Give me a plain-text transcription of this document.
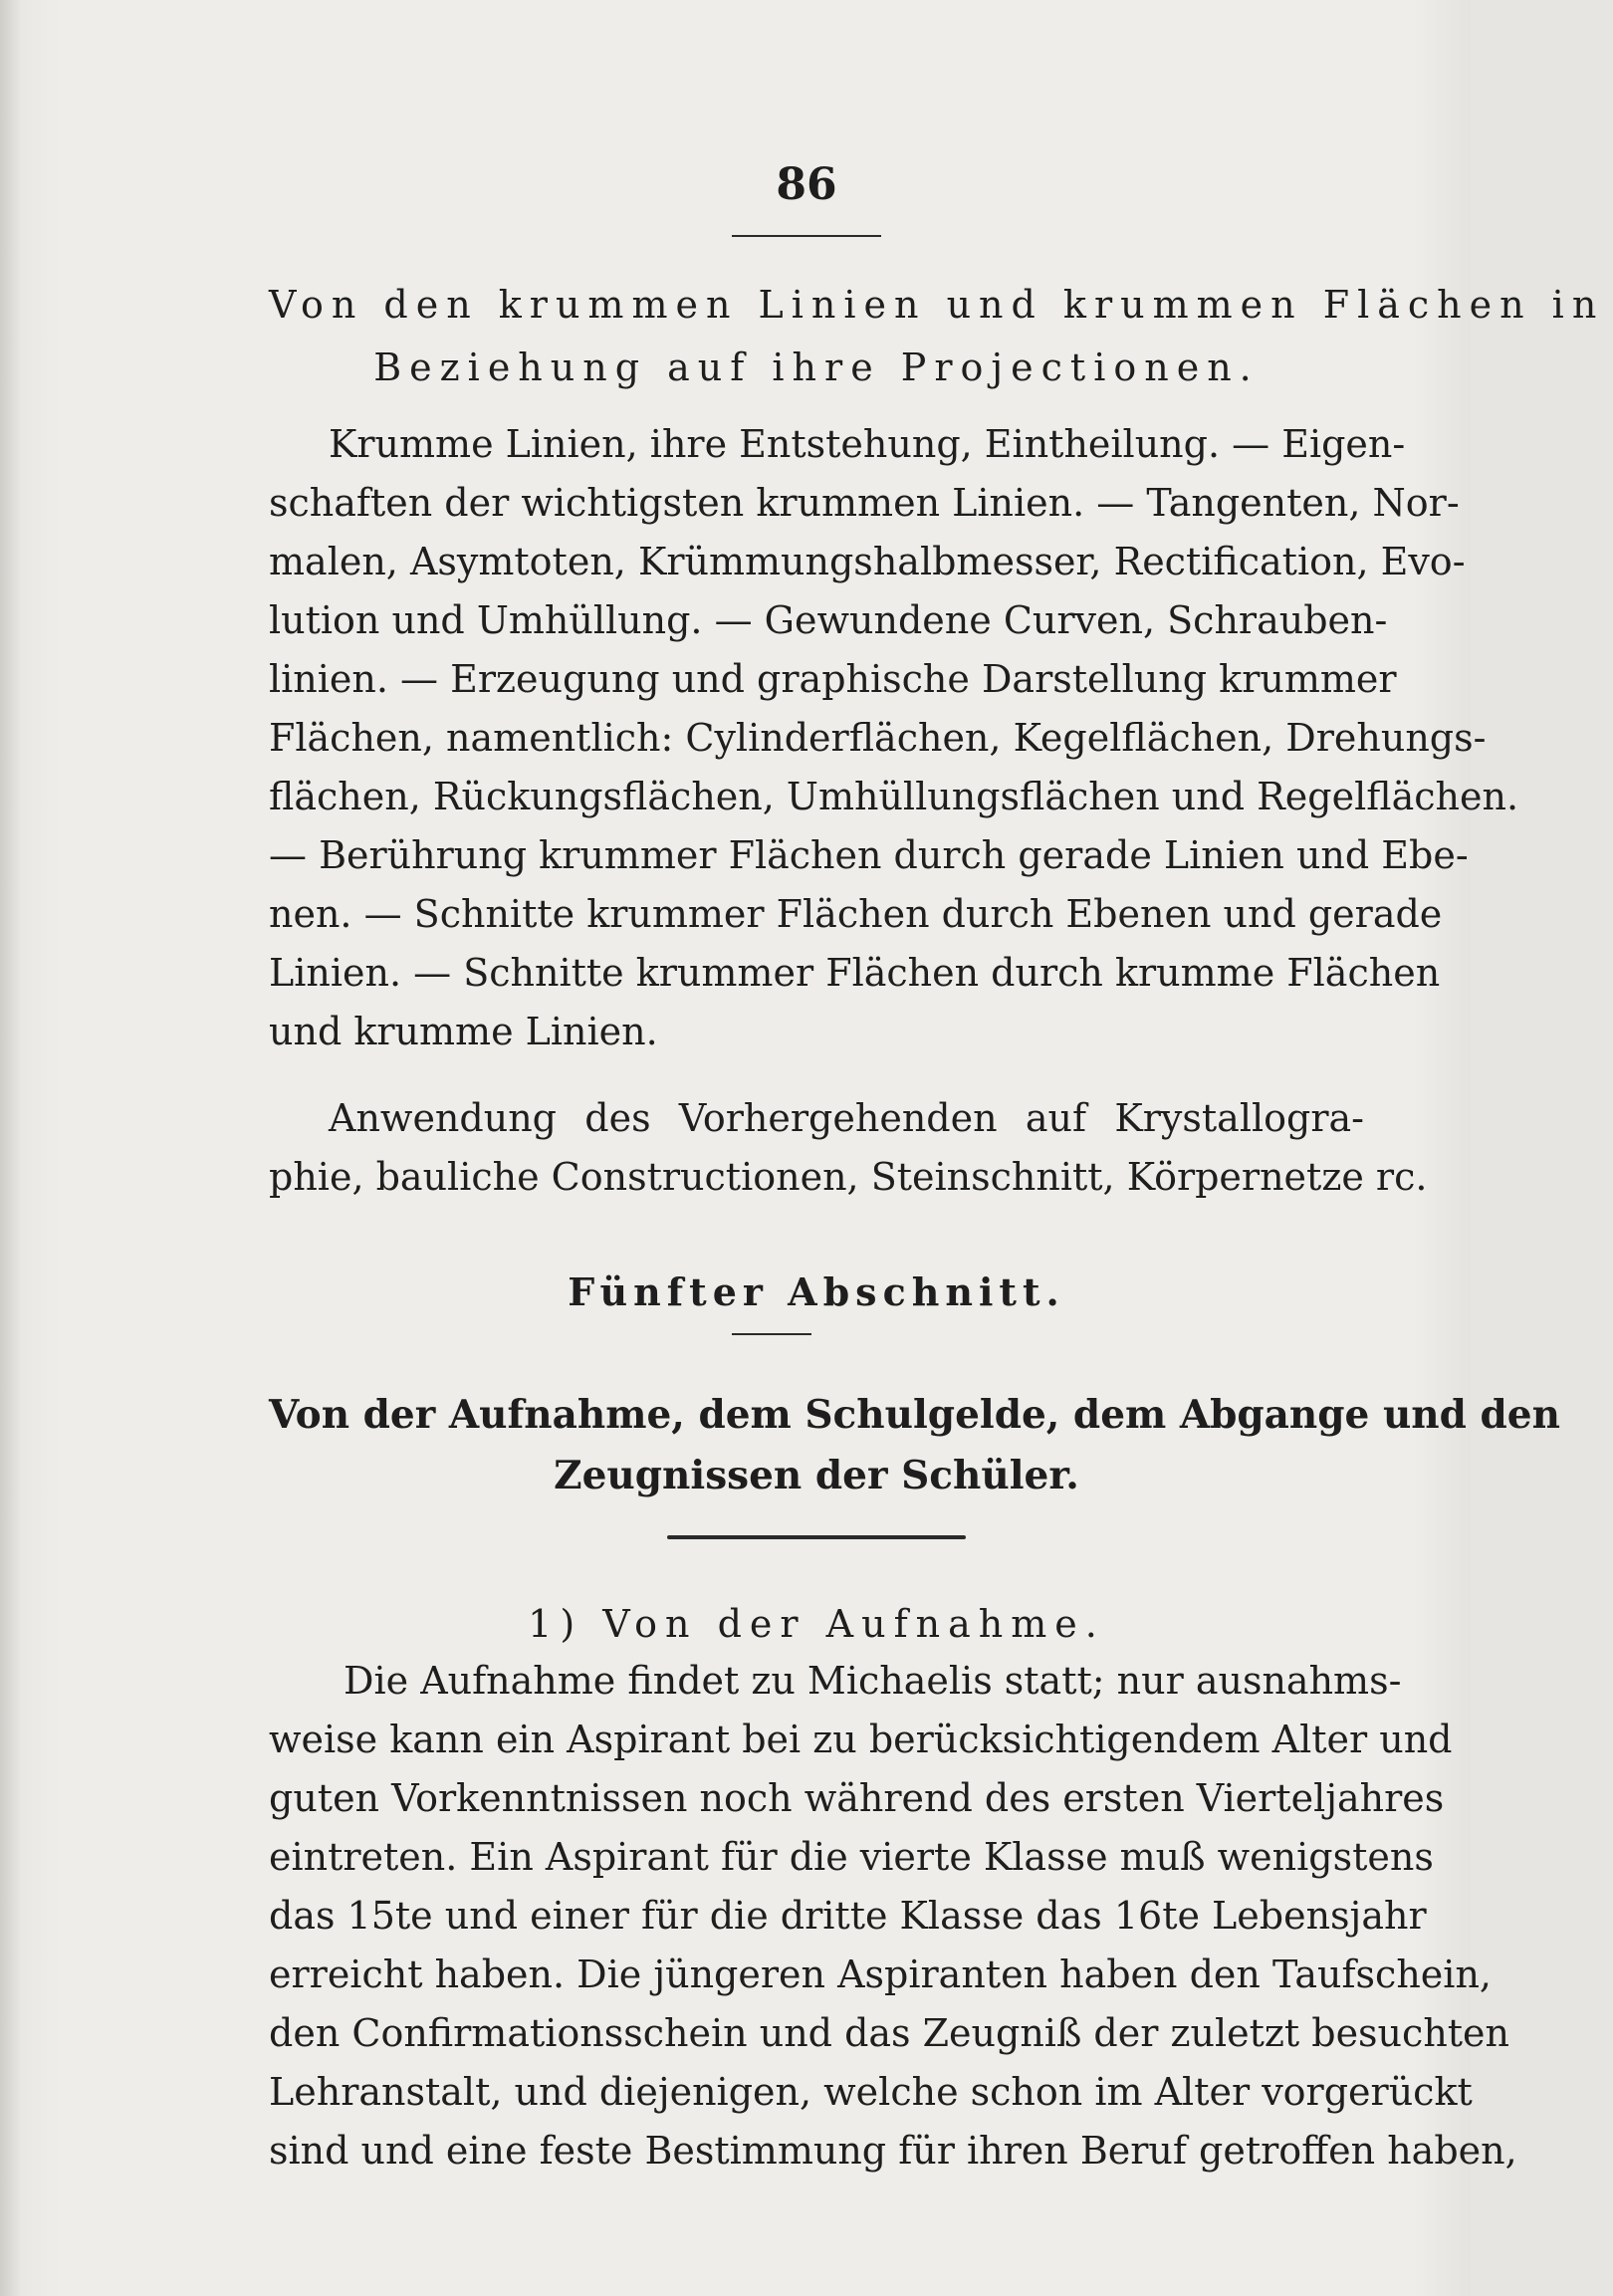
86
Von den krummen Linien und krummen Flächen in
Beziehung auf ihre Projectionen.
Krumme Linien, ihre Entstehung, Eintheilung. — Eigen-
schaften der wichtigsten krummen Linien. — Tangenten, Nor-
malen, Asymtoten, Krümmungshalbmesser, Rectification, Evo-
lution und Umhüllung. — Gewundene Curven, Schrauben-
linien. — Erzeugung und graphische Darstellung krummer
Flächen, namentlich: Cylinderflächen, Kegelflächen, Drehungs-
flächen, Rückungsflächen, Umhüllungsflächen und Regelflächen.
— Berührung krummer Flächen durch gerade Linien und Ebe-
nen. — Schnitte krummer Flächen durch Ebenen und gerade
Linien. — Schnitte krummer Flächen durch krumme Flächen
und krumme Linien.
Anwendung des Vorhergehenden auf Krystallogra-
phie, bauliche Constructionen, Steinschnitt, Körpernetze rc.
Fünfter Abschnitt.
Von der Aufnahme, dem Schulgelde, dem Abgange und den
Zeugnissen der Schüler.
1) Von der Aufnahme.
Die Aufnahme findet zu Michaelis statt; nur ausnahms-
weise kann ein Aspirant bei zu berücksichtigendem Alter und
guten Vorkenntnissen noch während des ersten Vierteljahres
eintreten. Ein Aspirant für die vierte Klasse muß wenigstens
das 15te und einer für die dritte Klasse das 16te Lebensjahr
erreicht haben. Die jüngeren Aspiranten haben den Taufschein,
den Confirmationsschein und das Zeugniß der zuletzt besuchten
Lehranstalt, und diejenigen, welche schon im Alter vorgerückt
sind und eine feste Bestimmung für ihren Beruf getroffen haben,
